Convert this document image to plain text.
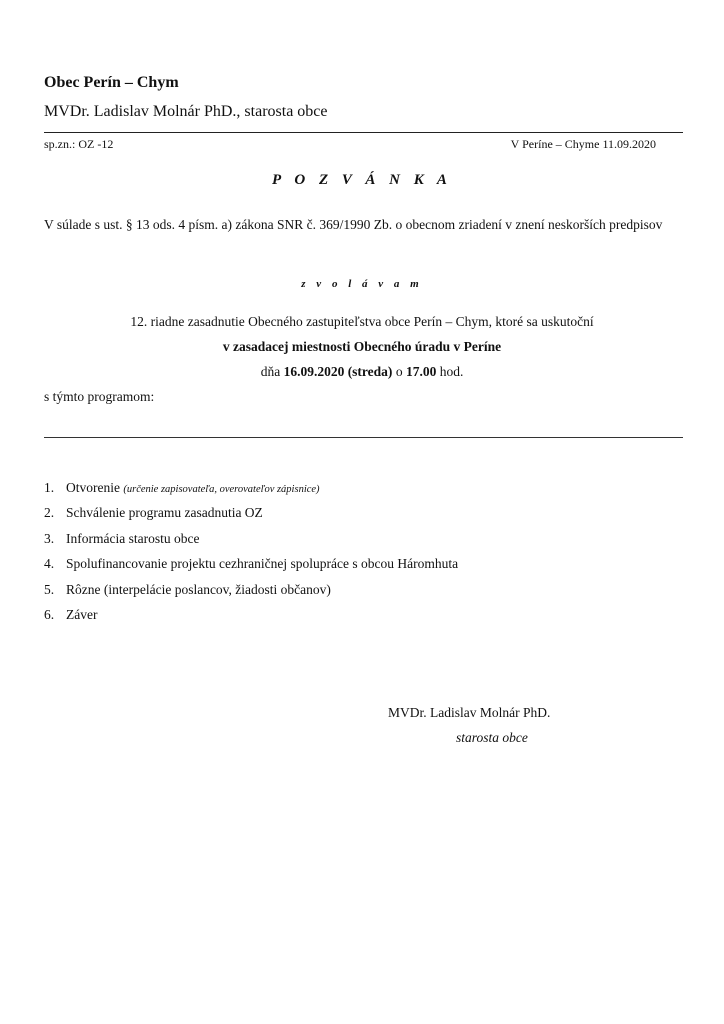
Obec Perín – Chym
MVDr. Ladislav Molnár PhD., starosta obce
sp.zn.: OZ -12	V Períne – Chyme 11.09.2020
P O Z V Á N K A
V súlade s ust. § 13 ods. 4 písm. a) zákona SNR č. 369/1990 Zb. o obecnom zriadení v znení neskorších predpisov
z v o l á v a m
12. riadne zasadnutie Obecného zastupiteľstva obce Perín – Chym, ktoré sa uskutoční
v zasadacej miestnosti Obecného úradu v Períne
dňa 16.09.2020 (streda) o 17.00 hod.
s týmto programom:
1. Otvorenie (určenie zapisovateľa, overovateľov zápisnice)
2. Schválenie programu zasadnutia OZ
3. Informácia starostu obce
4. Spolufinancovanie projektu cezhraničnej spolupráce s obcou Háromhuta
5. Rôzne (interpelácie poslancov, žiadosti občanov)
6. Záver
MVDr. Ladislav Molnár PhD.
starosta obce
